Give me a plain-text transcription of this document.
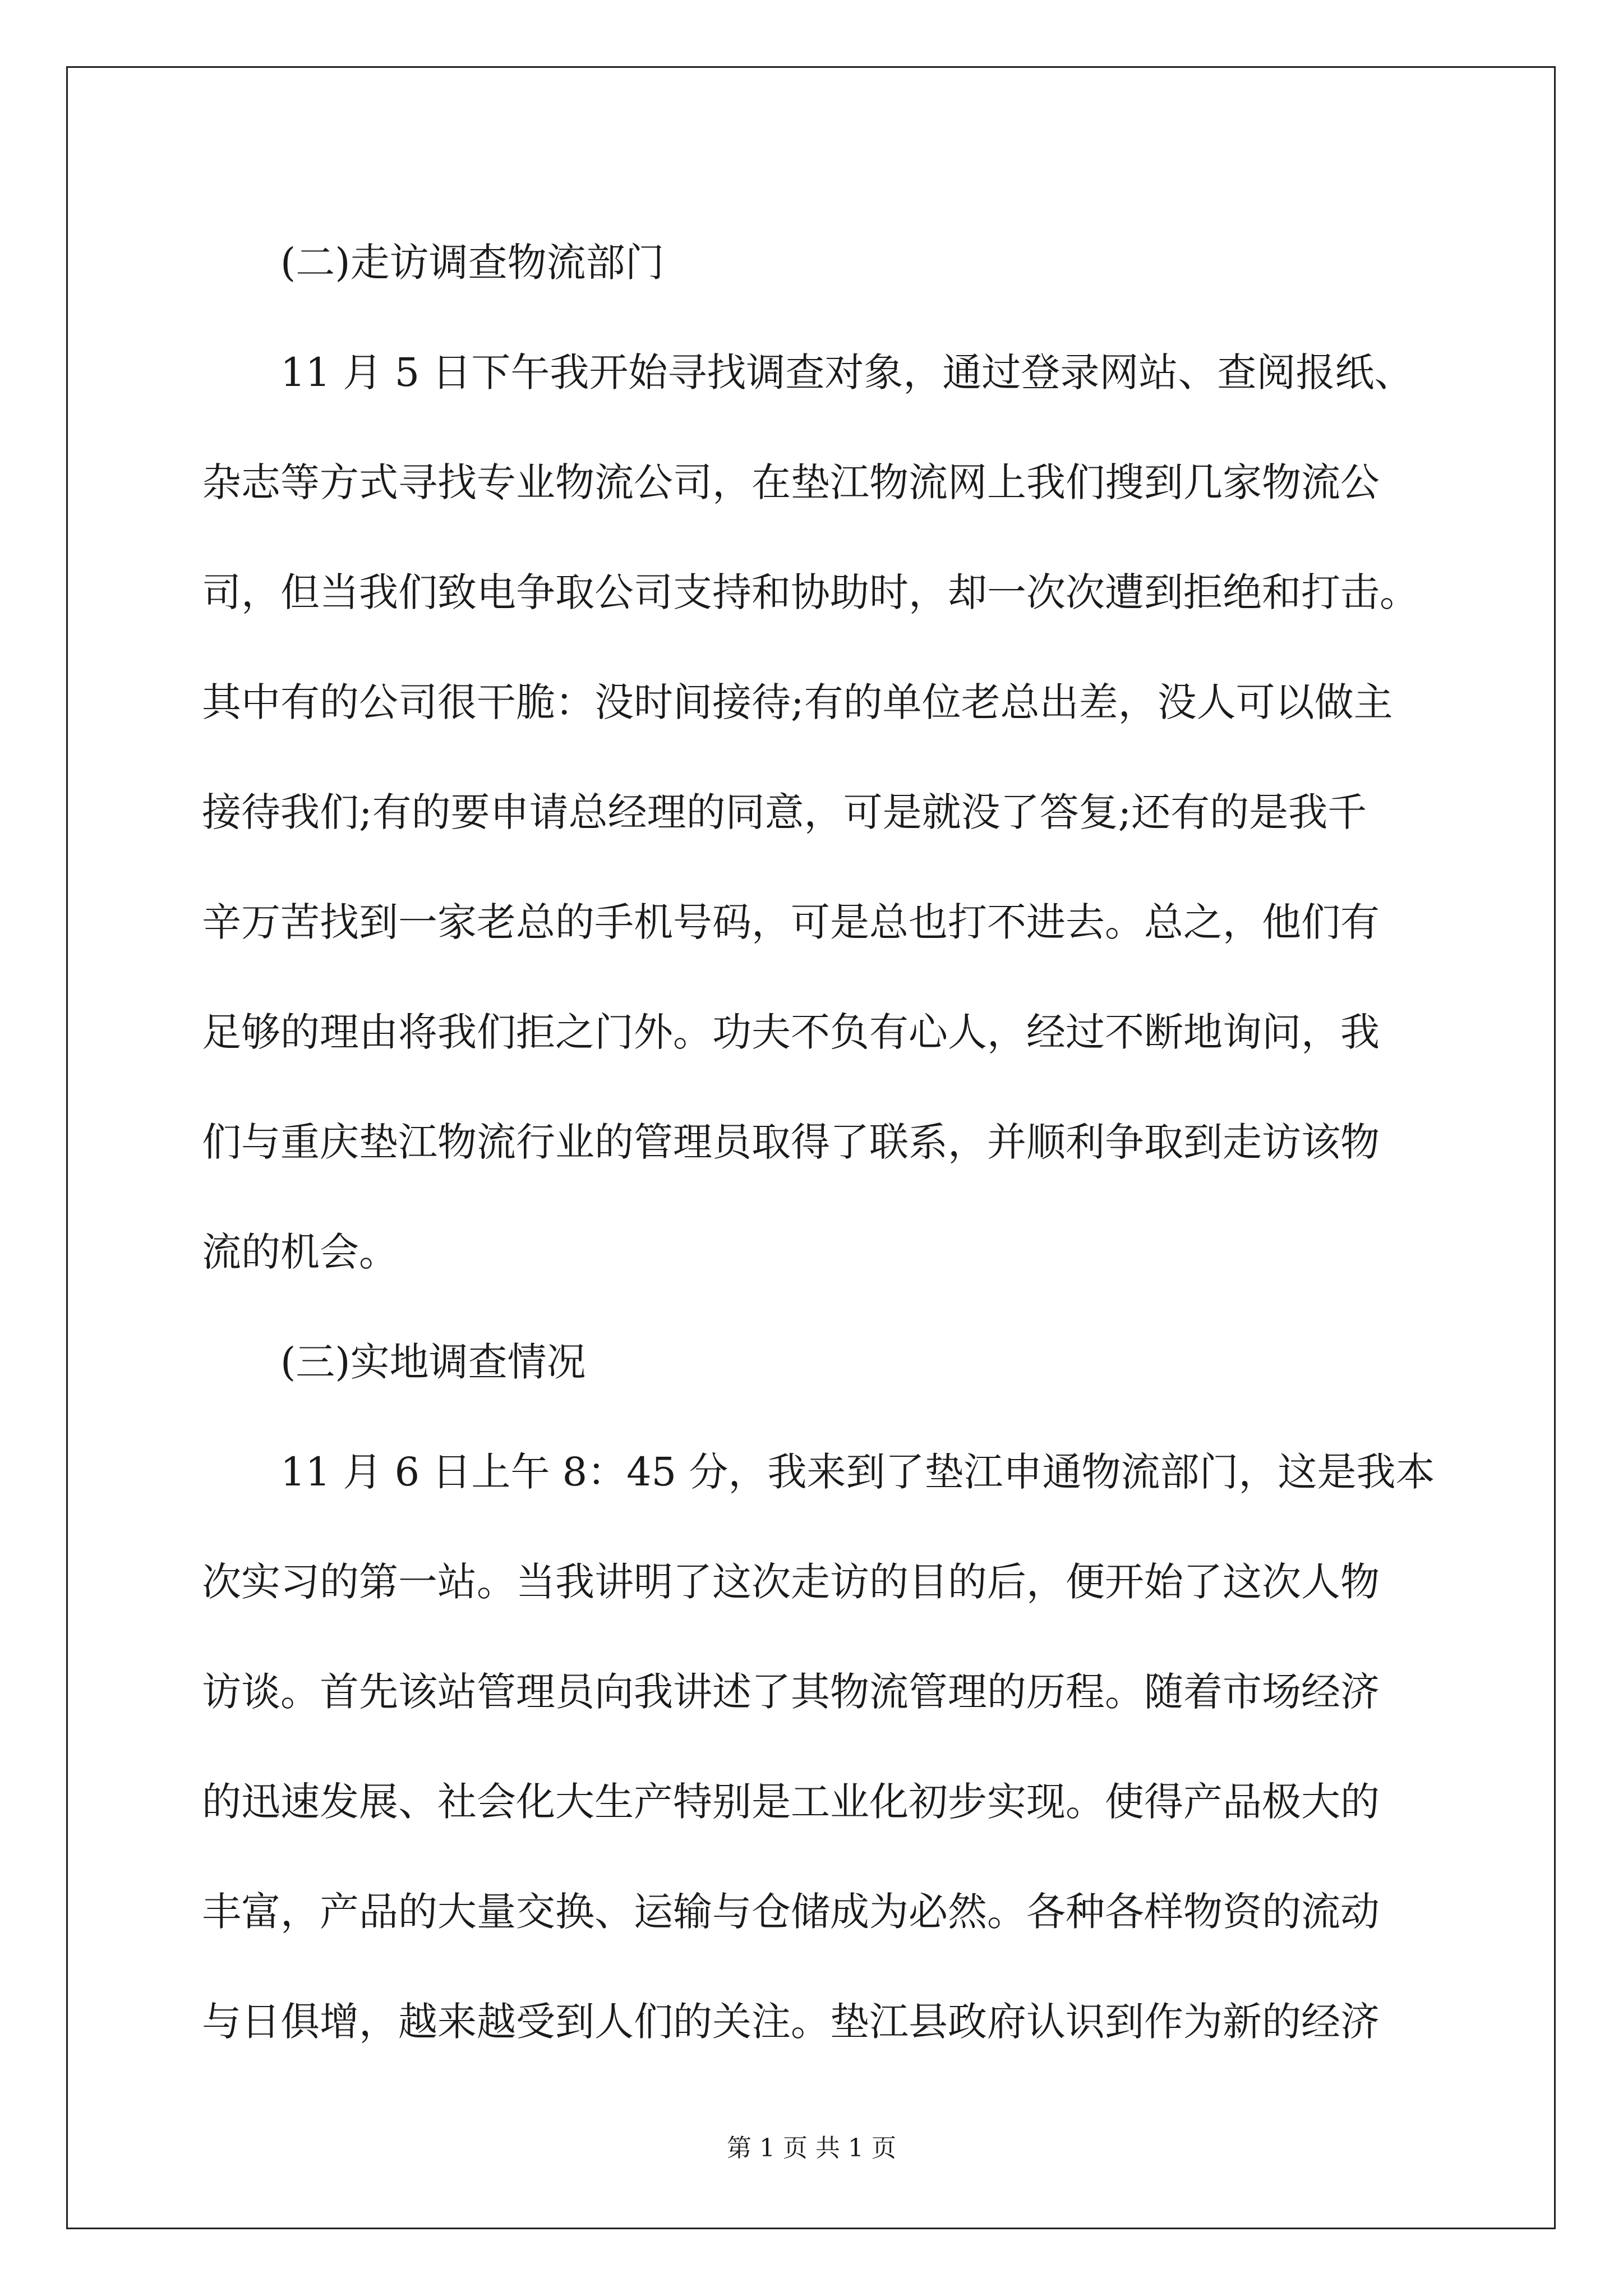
(二)走访调查物流部门

11 月 5 日下午我开始寻找调查对象，通过登录网站、查阅报纸、

杂志等方式寻找专业物流公司，在垫江物流网上我们搜到几家物流公

司，但当我们致电争取公司支持和协助时，却一次次遭到拒绝和打击。

其中有的公司很干脆：没时间接待;有的单位老总出差，没人可以做主

接待我们;有的要申请总经理的同意，可是就没了答复;还有的是我千

辛万苦找到一家老总的手机号码，可是总也打不进去。总之，他们有

足够的理由将我们拒之门外。功夫不负有心人，经过不断地询问，我

们与重庆垫江物流行业的管理员取得了联系，并顺利争取到走访该物

流的机会。

(三)实地调查情况

11 月 6 日上午 8：45 分，我来到了垫江申通物流部门，这是我本

次实习的第一站。当我讲明了这次走访的目的后，便开始了这次人物

访谈。首先该站管理员向我讲述了其物流管理的历程。随着市场经济

的迅速发展、社会化大生产特别是工业化初步实现。使得产品极大的

丰富，产品的大量交换、运输与仓储成为必然。各种各样物资的流动

与日俱增，越来越受到人们的关注。垫江县政府认识到作为新的经济

第 1 页 共 1 页
